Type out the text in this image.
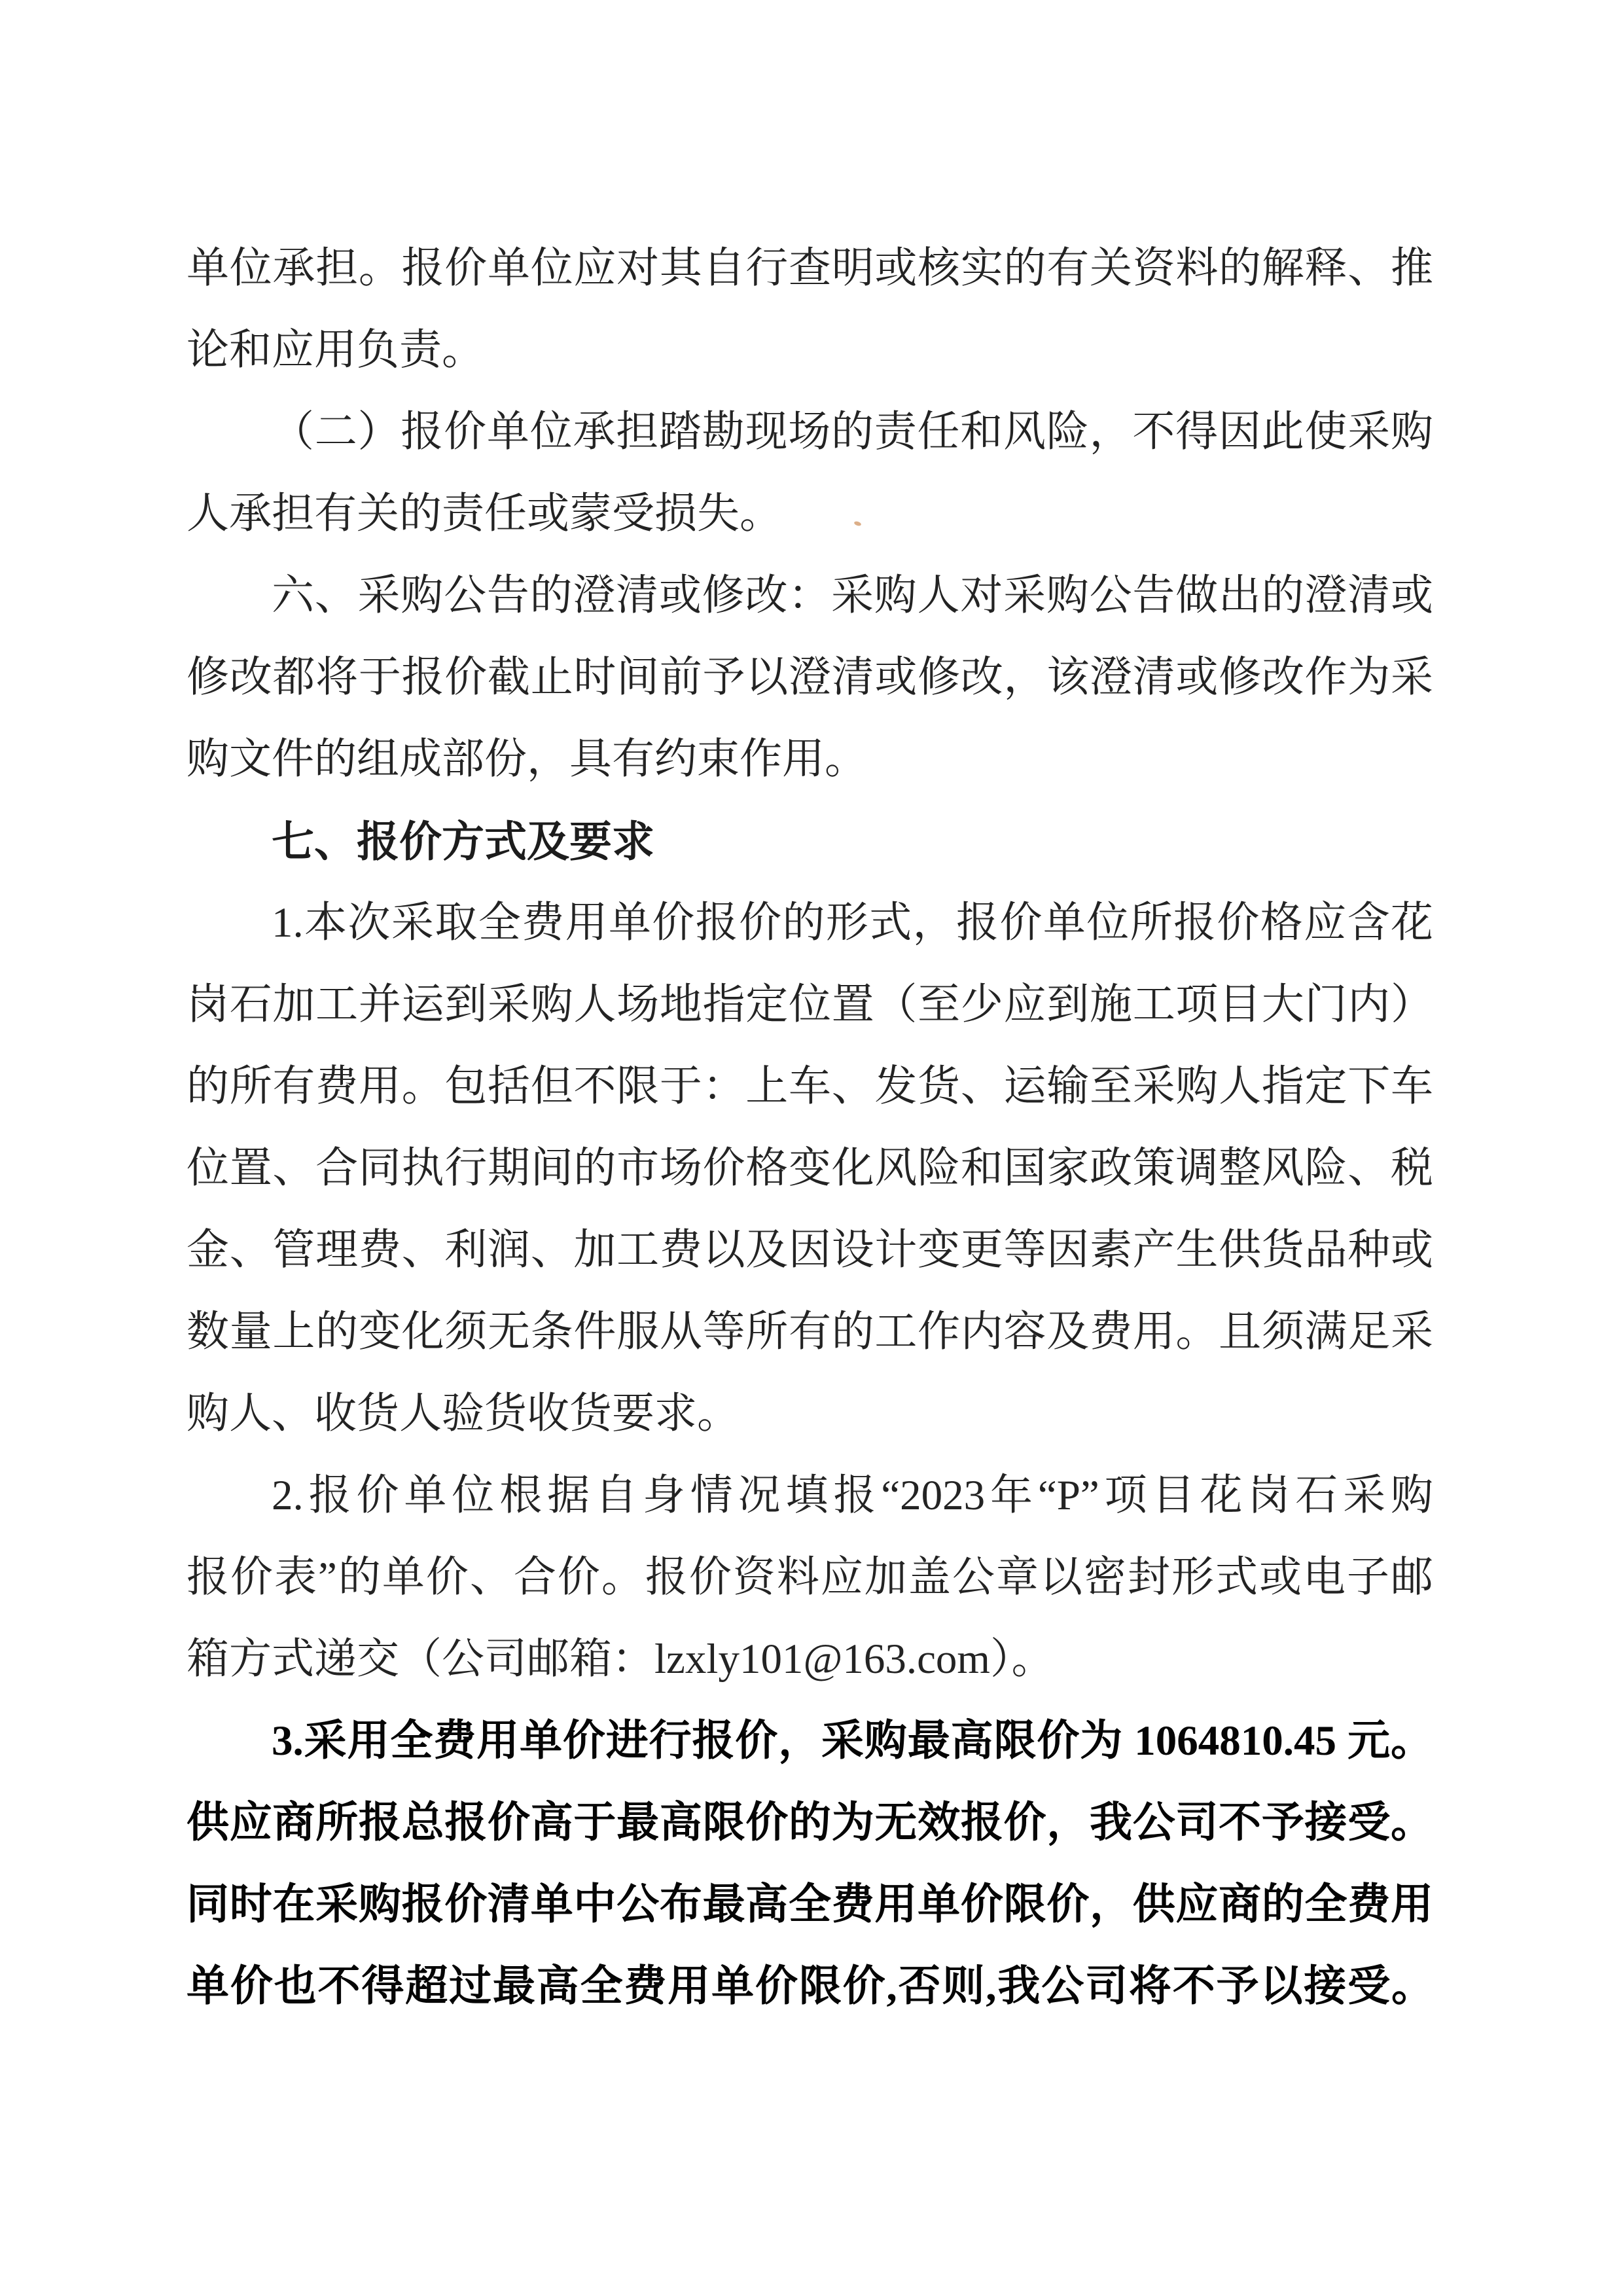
单位承担。报价单位应对其自行查明或核实的有关资料的解释、推
论和应用负责。
（二）报价单位承担踏勘现场的责任和风险，不得因此使采购
人承担有关的责任或蒙受损失。
六、采购公告的澄清或修改：采购人对采购公告做出的澄清或
修改都将于报价截止时间前予以澄清或修改，该澄清或修改作为采
购文件的组成部份，具有约束作用。
七、报价方式及要求
1.本次采取全费用单价报价的形式，报价单位所报价格应含花
岗石加工并运到采购人场地指定位置（至少应到施工项目大门内）
的所有费用。包括但不限于：上车、发货、运输至采购人指定下车
位置、合同执行期间的市场价格变化风险和国家政策调整风险、税
金、管理费、利润、加工费以及因设计变更等因素产生供货品种或
数量上的变化须无条件服从等所有的工作内容及费用。且须满足采
购人、收货人验货收货要求。
2.报价单位根据自身情况填报“2023年“P”项目花岗石采购
报价表”的单价、合价。报价资料应加盖公章以密封形式或电子邮
箱方式递交（公司邮箱：lzxly101@163.com）。
3.采用全费用单价进行报价，采购最高限价为 1064810.45 元。
供应商所报总报价高于最高限价的为无效报价，我公司不予接受。
同时在采购报价清单中公布最高全费用单价限价，供应商的全费用
单价也不得超过最高全费用单价限价,否则,我公司将不予以接受。
